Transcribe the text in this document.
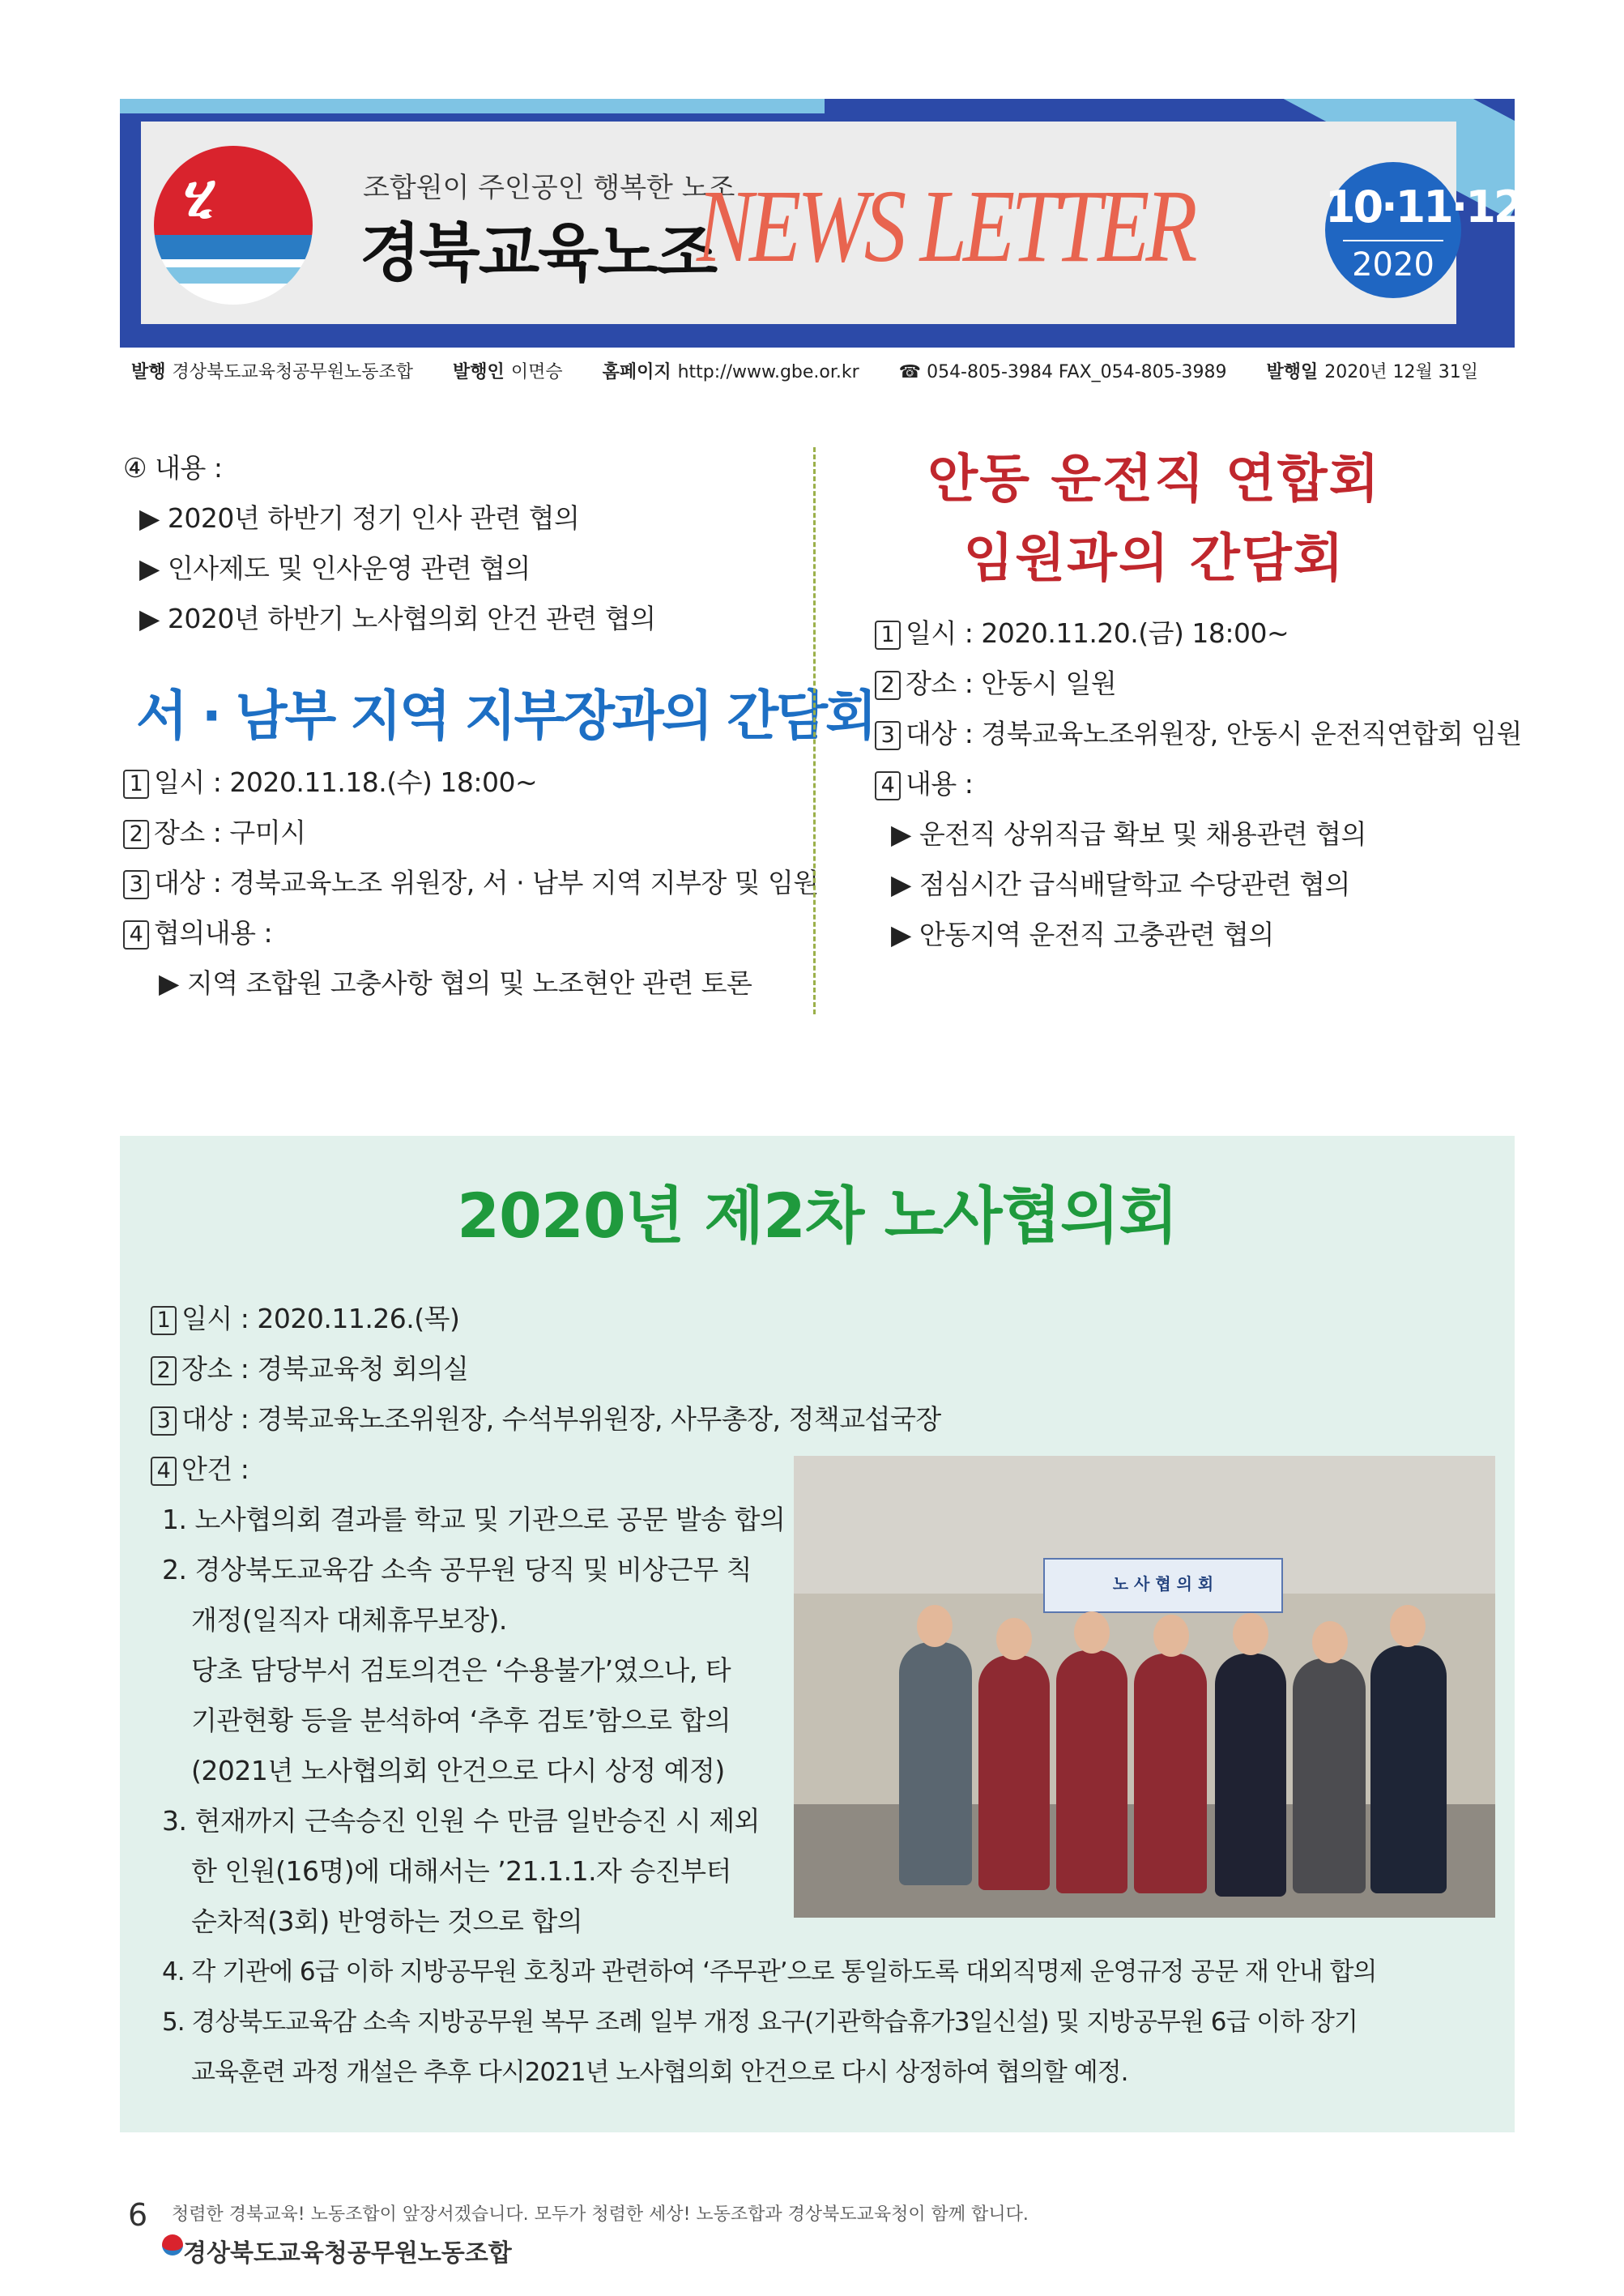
ሂ	조합원이 주인공인 행복한 노조
경북교육노조
NEWS LETTER	10·11·12
2020
발행 경상북도교육청공무원노동조합 발행인 이면승 홈페이지 http://www.gbe.or.kr ☎ 054-805-3984 FAX_054-805-3989 발행일 2020년 12월 31일
④ 내용 :
▶ 2020년 하반기 정기 인사 관련 협의
▶ 인사제도 및 인사운영 관련 협의
▶ 2020년 하반기 노사협의회 안건 관련 협의
서 · 남부 지역 지부장과의 간담회
1 일시 : 2020.11.18.(수) 18:00~
2 장소 : 구미시
3 대상 : 경북교육노조 위원장, 서 · 남부 지역 지부장 및 임원
4 협의내용 :
▶ 지역 조합원 고충사항 협의 및 노조현안 관련 토론
안동 운전직 연합회
임원과의 간담회
1 일시 : 2020.11.20.(금) 18:00~
2 장소 : 안동시 일원
3 대상 : 경북교육노조위원장, 안동시 운전직연합회 임원
4 내용 :
▶ 운전직 상위직급 확보 및 채용관련 협의
▶ 점심시간 급식배달학교 수당관련 협의
▶ 안동지역 운전직 고충관련 협의
2020년 제2차 노사협의회
1 일시 : 2020.11.26.(목)
2 장소 : 경북교육청 회의실
3 대상 : 경북교육노조위원장, 수석부위원장, 사무총장, 정책교섭국장
4 안건 :
1. 노사협의회 결과를 학교 및 기관으로 공문 발송 합의
2. 경상북도교육감 소속 공무원 당직 및 비상근무 칙
개정(일직자 대체휴무보장).
당초 담당부서 검토의견은 ‘수용불가’였으나, 타
기관현황 등을 분석하여 ‘추후 검토’함으로 합의
(2021년 노사협의회 안건으로 다시 상정 예정)
3. 현재까지 근속승진 인원 수 만큼 일반승진 시 제외
한 인원(16명)에 대해서는 ’21.1.1.자 승진부터
순차적(3회) 반영하는 것으로 합의
4. 각 기관에 6급 이하 지방공무원 호칭과 관련하여 ‘주무관’으로 통일하도록 대외직명제 운영규정 공문 재 안내 합의
5. 경상북도교육감 소속 지방공무원 복무 조례 일부 개정 요구(기관학습휴가3일신설) 및 지방공무원 6급 이하 장기
교육훈련 과정 개설은 추후 다시2021년 노사협의회 안건으로 다시 상정하여 협의할 예정.
노 사 협 의 회
6 청렴한 경북교육! 노동조합이 앞장서겠습니다. 모두가 청렴한 세상! 노동조합과 경상북도교육청이 함께 합니다.
경상북도교육청공무원노동조합
